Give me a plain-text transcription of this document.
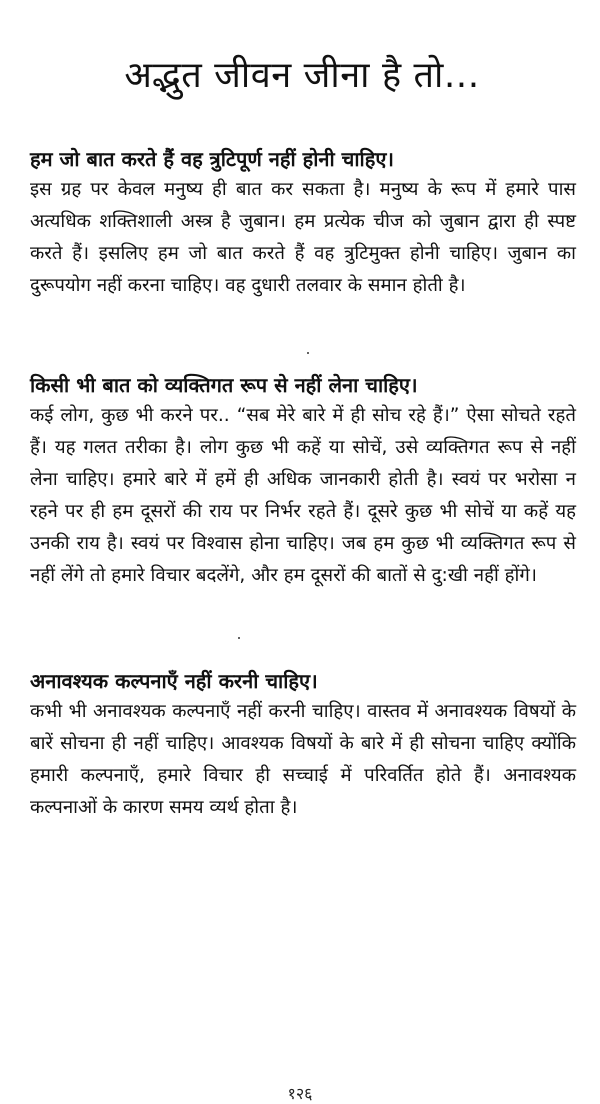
अद्भुत जीवन जीना है तो...
हम जो बात करते हैं वह त्रुटिपूर्ण नहीं होनी चाहिए।

इस ग्रह पर केवल मनुष्य ही बात कर सकता है। मनुष्य के रूप में हमारे पास अत्यधिक शक्तिशाली अस्त्र है जुबान। हम प्रत्येक चीज को जुबान द्वारा ही स्पष्ट करते हैं। इसलिए हम जो बात करते हैं वह त्रुटिमुक्त होनी चाहिए। जुबान का दुरूपयोग नहीं करना चाहिए। वह दुधारी तलवार के समान होती है।

किसी भी बात को व्यक्तिगत रूप से नहीं लेना चाहिए।

कई लोग, कुछ भी करने पर.. “सब मेरे बारे में ही सोच रहे हैं।” ऐसा सोचते रहते हैं। यह गलत तरीका है। लोग कुछ भी कहें या सोचें, उसे व्यक्तिगत रूप से नहीं लेना चाहिए। हमारे बारे में हमें ही अधिक जानकारी होती है। स्वयं पर भरोसा न रहने पर ही हम दूसरों की राय पर निर्भर रहते हैं। दूसरे कुछ भी सोचें या कहें यह उनकी राय है। स्वयं पर विश्वास होना चाहिए। जब हम कुछ भी व्यक्तिगत रूप से नहीं लेंगे तो हमारे विचार बदलेंगे, और हम दूसरों की बातों से दु:खी नहीं होंगे।

अनावश्यक कल्पनाएँ नहीं करनी चाहिए।

कभी भी अनावश्यक कल्पनाएँ नहीं करनी चाहिए। वास्तव में अनावश्यक विषयों के बारें सोचना ही नहीं चाहिए। आवश्यक विषयों के बारे में ही सोचना चाहिए क्योंकि हमारी कल्पनाएँ, हमारे विचार ही सच्चाई में परिवर्तित होते हैं। अनावश्यक कल्पनाओं के कारण समय व्यर्थ होता है।

१२६
